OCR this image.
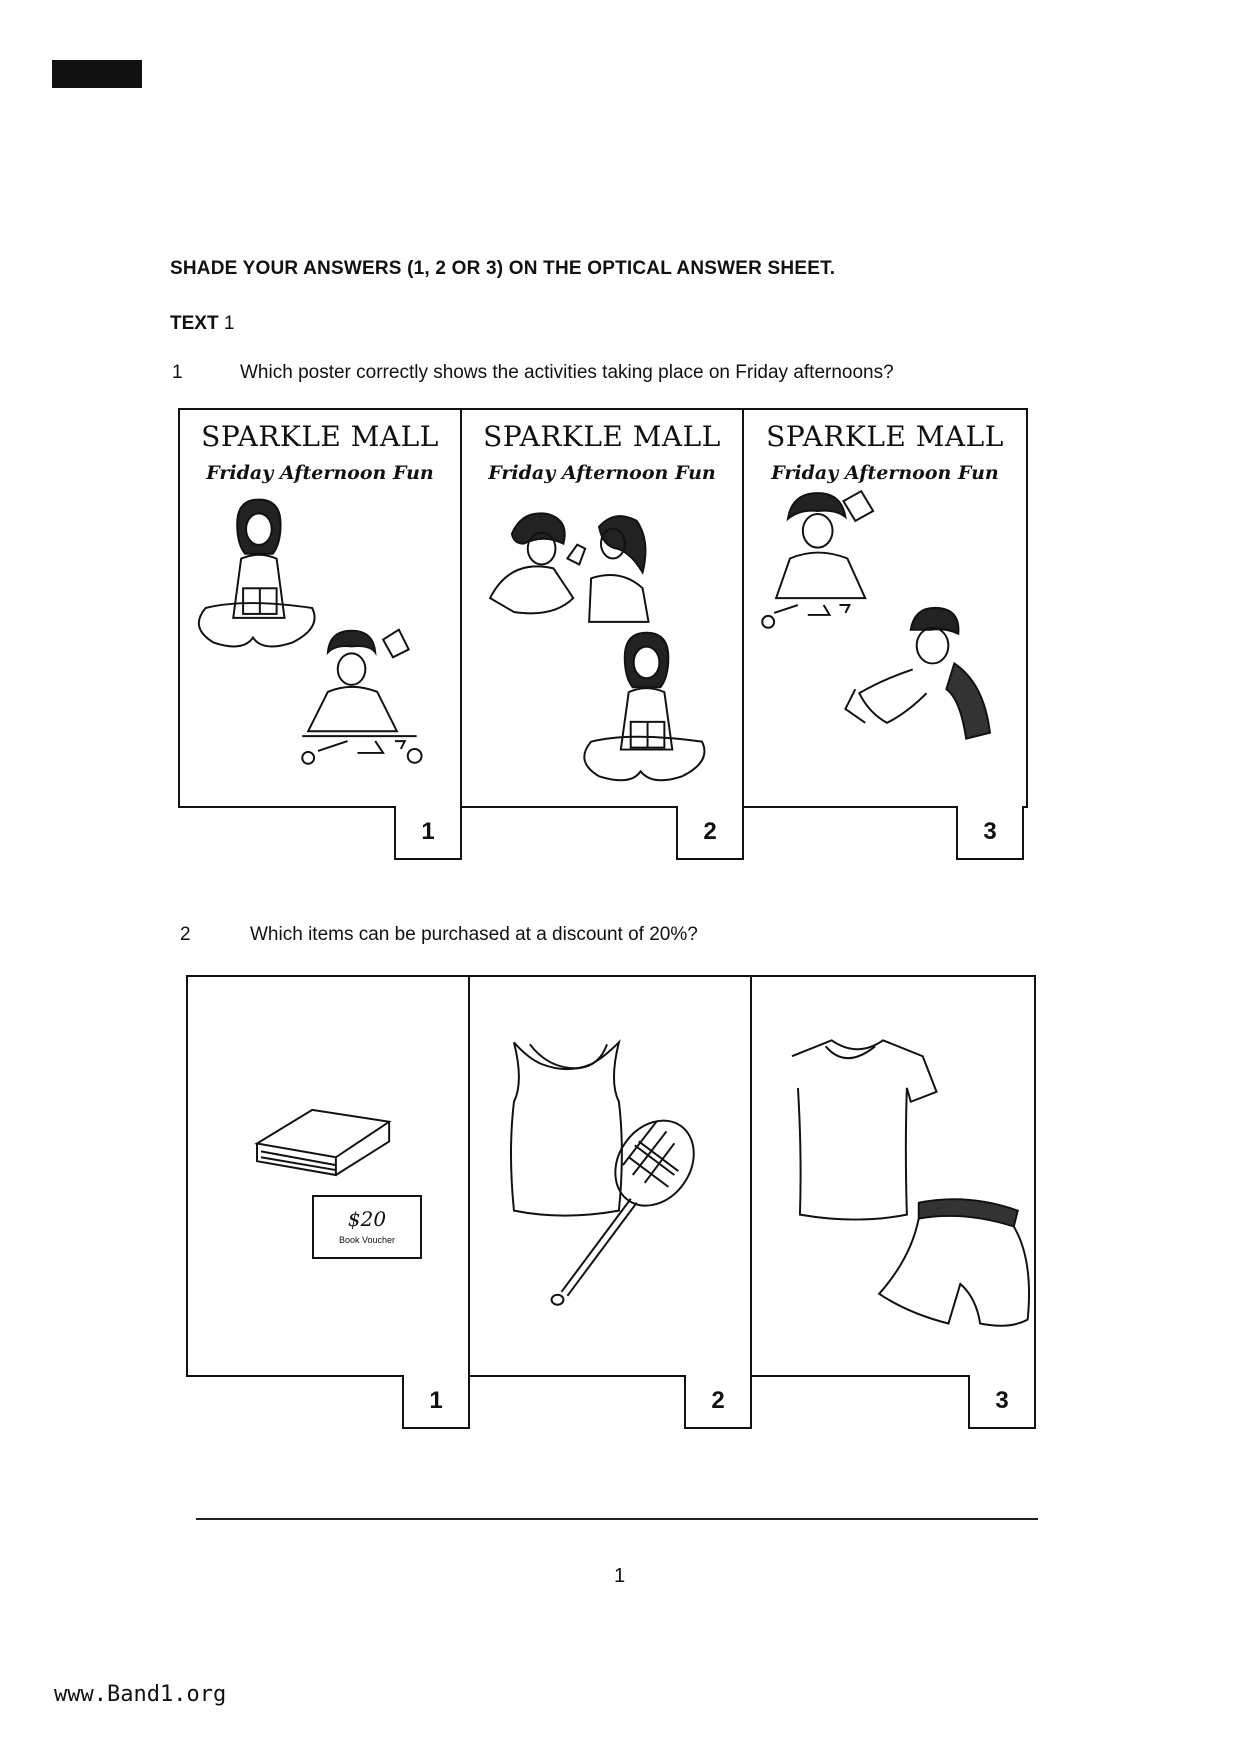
SHADE YOUR ANSWERS (1, 2 OR 3) ON THE OPTICAL ANSWER SHEET.
TEXT 1
1	Which poster correctly shows the activities taking place on Friday afternoons?
SPARKLE MALL
Friday Afternoon Fun
SPARKLE MALL
Friday Afternoon Fun
SPARKLE MALL
Friday Afternoon Fun
1	2	3
2	Which items can be purchased at a discount of 20%?
$20
Book Voucher
1	2	3
1
www.Band1.org
